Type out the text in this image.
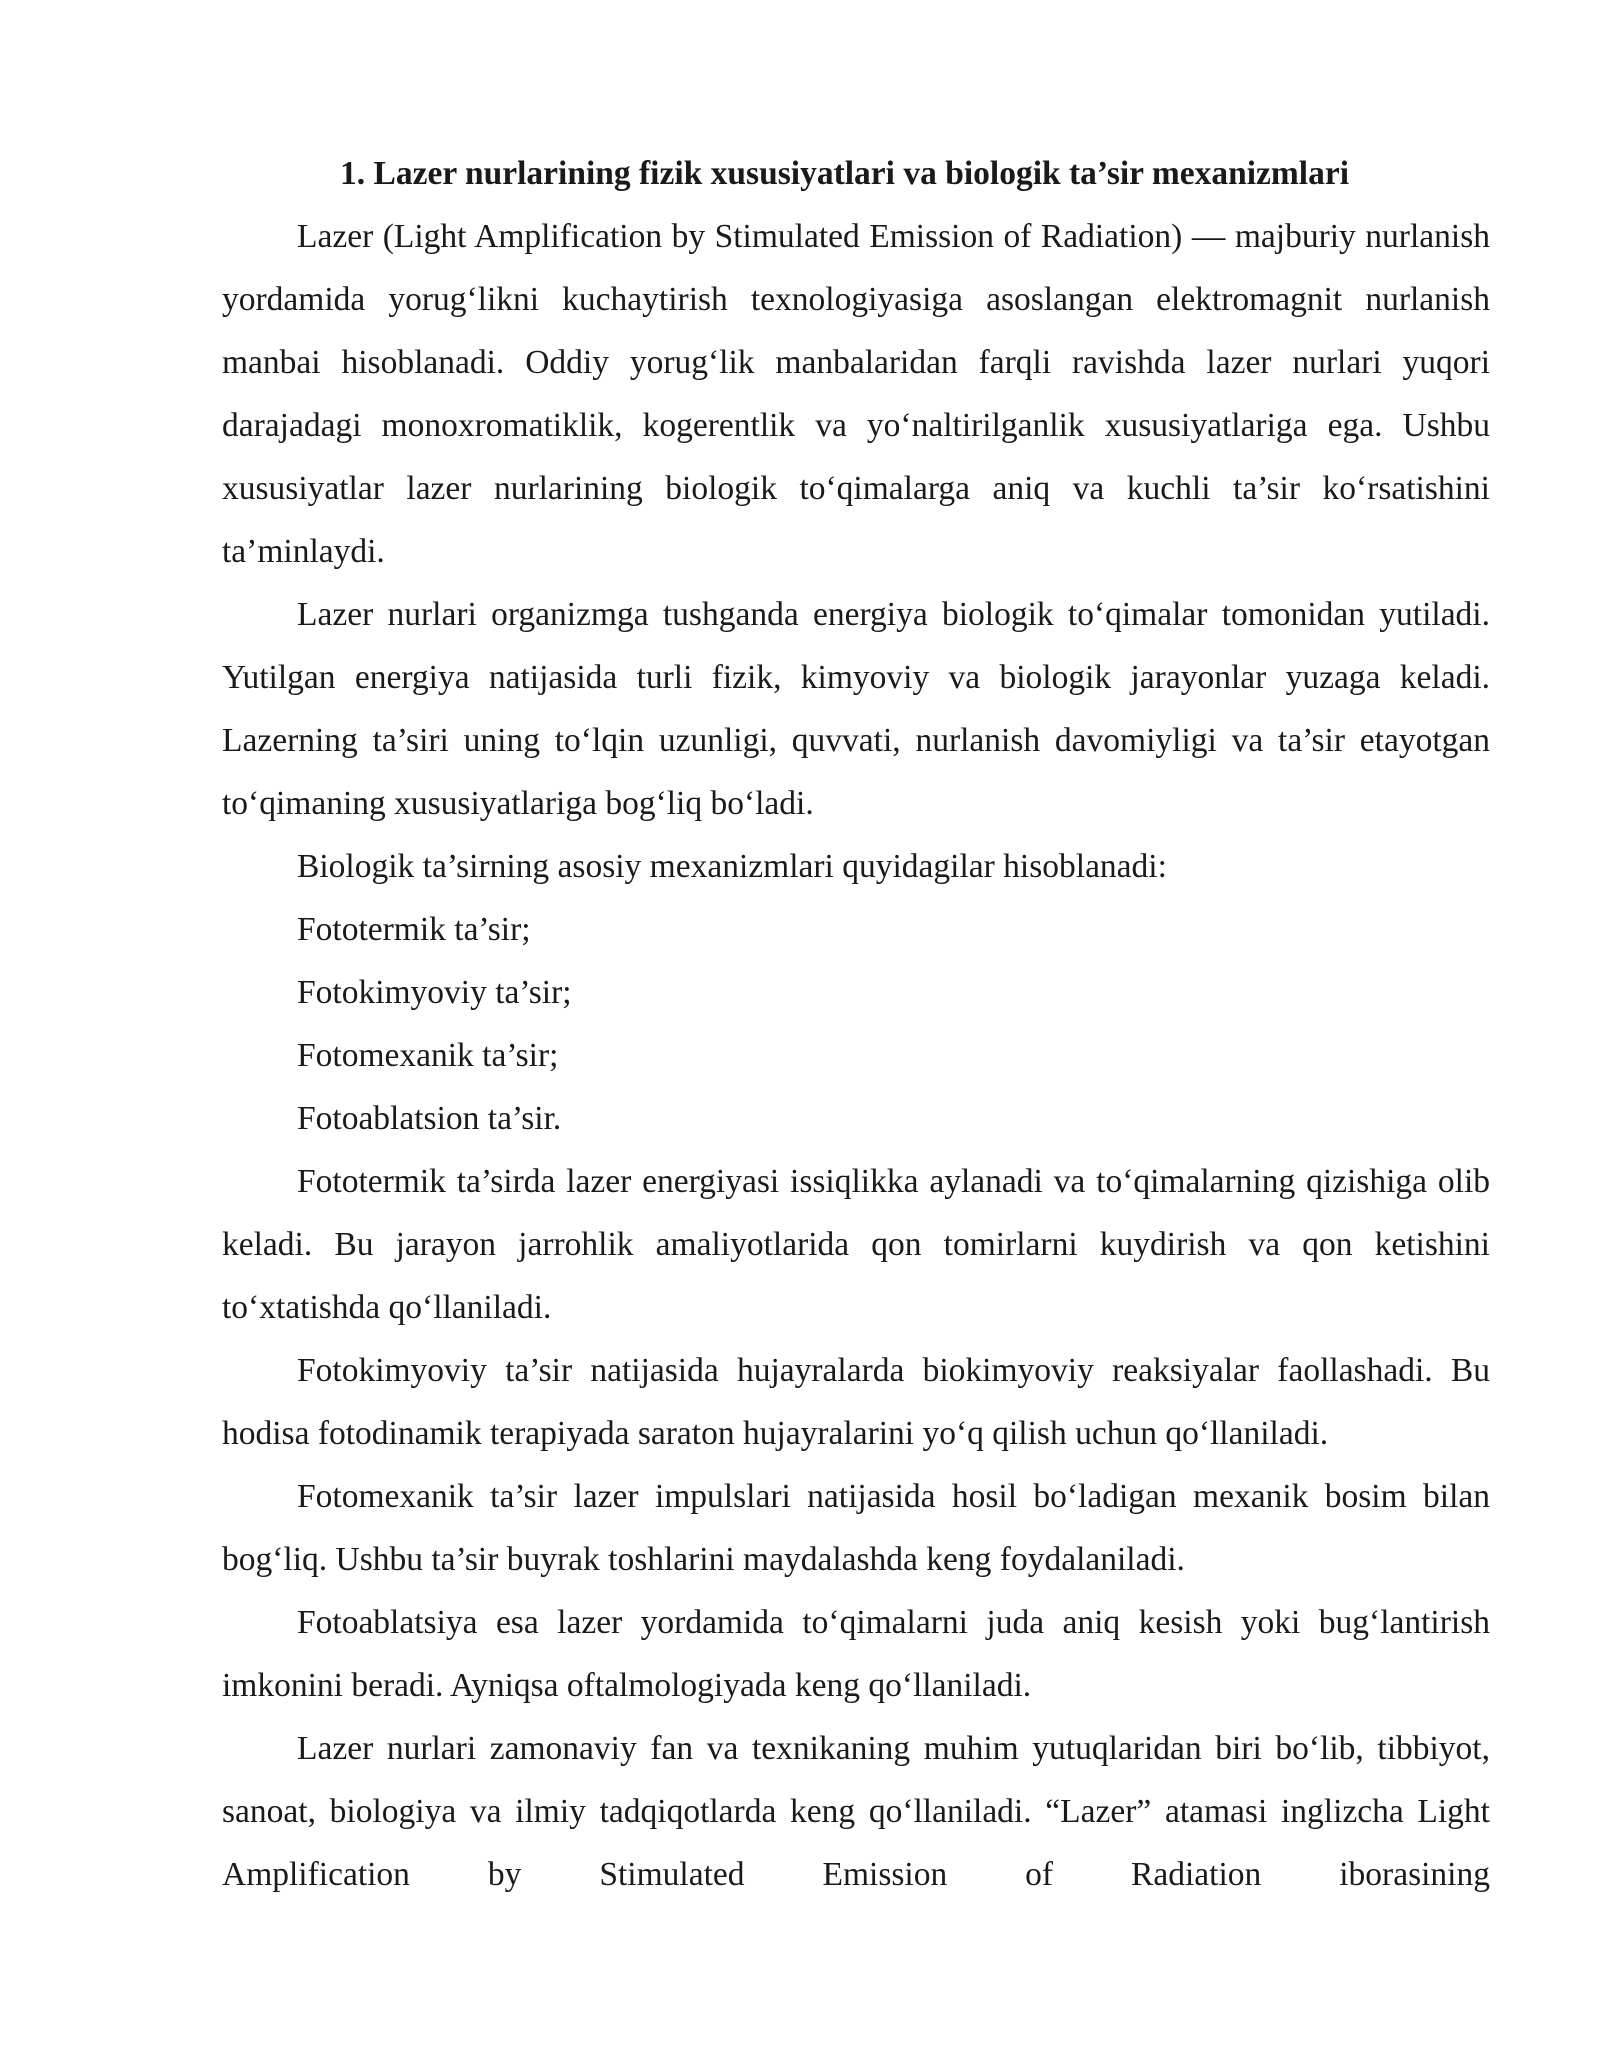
1. Lazer nurlarining fizik xususiyatlari va biologik ta’sir mexanizmlari

Lazer (Light Amplification by Stimulated Emission of Radiation) — majburiy nurlanish yordamida yorug‘likni kuchaytirish texnologiyasiga asoslangan elektromagnit nurlanish manbai hisoblanadi. Oddiy yorug‘lik manbalaridan farqli ravishda lazer nurlari yuqori darajadagi monoxromatiklik, kogerentlik va yo‘naltirilganlik xususiyatlariga ega. Ushbu xususiyatlar lazer nurlarining biologik to‘qimalarga aniq va kuchli ta’sir ko‘rsatishini ta’minlaydi.

Lazer nurlari organizmga tushganda energiya biologik to‘qimalar tomonidan yutiladi. Yutilgan energiya natijasida turli fizik, kimyoviy va biologik jarayonlar yuzaga keladi. Lazerning ta’siri uning to‘lqin uzunligi, quvvati, nurlanish davomiyligi va ta’sir etayotgan to‘qimaning xususiyatlariga bog‘liq bo‘ladi.

Biologik ta’sirning asosiy mexanizmlari quyidagilar hisoblanadi:

Fototermik ta’sir;

Fotokimyoviy ta’sir;

Fotomexanik ta’sir;

Fotoablatsion ta’sir.

Fototermik ta’sirda lazer energiyasi issiqlikka aylanadi va to‘qimalarning qizishiga olib keladi. Bu jarayon jarrohlik amaliyotlarida qon tomirlarni kuydirish va qon ketishini to‘xtatishda qo‘llaniladi.

Fotokimyoviy ta’sir natijasida hujayralarda biokimyoviy reaksiyalar faollashadi. Bu hodisa fotodinamik terapiyada saraton hujayralarini yo‘q qilish uchun qo‘llaniladi.

Fotomexanik ta’sir lazer impulslari natijasida hosil bo‘ladigan mexanik bosim bilan bog‘liq. Ushbu ta’sir buyrak toshlarini maydalashda keng foydalaniladi.

Fotoablatsiya esa lazer yordamida to‘qimalarni juda aniq kesish yoki bug‘lantirish imkonini beradi. Ayniqsa oftalmologiyada keng qo‘llaniladi.

Lazer nurlari zamonaviy fan va texnikaning muhim yutuqlaridan biri bo‘lib, tibbiyot, sanoat, biologiya va ilmiy tadqiqotlarda keng qo‘llaniladi. “Lazer” atamasi inglizcha Light Amplification by Stimulated Emission of Radiation iborasining
